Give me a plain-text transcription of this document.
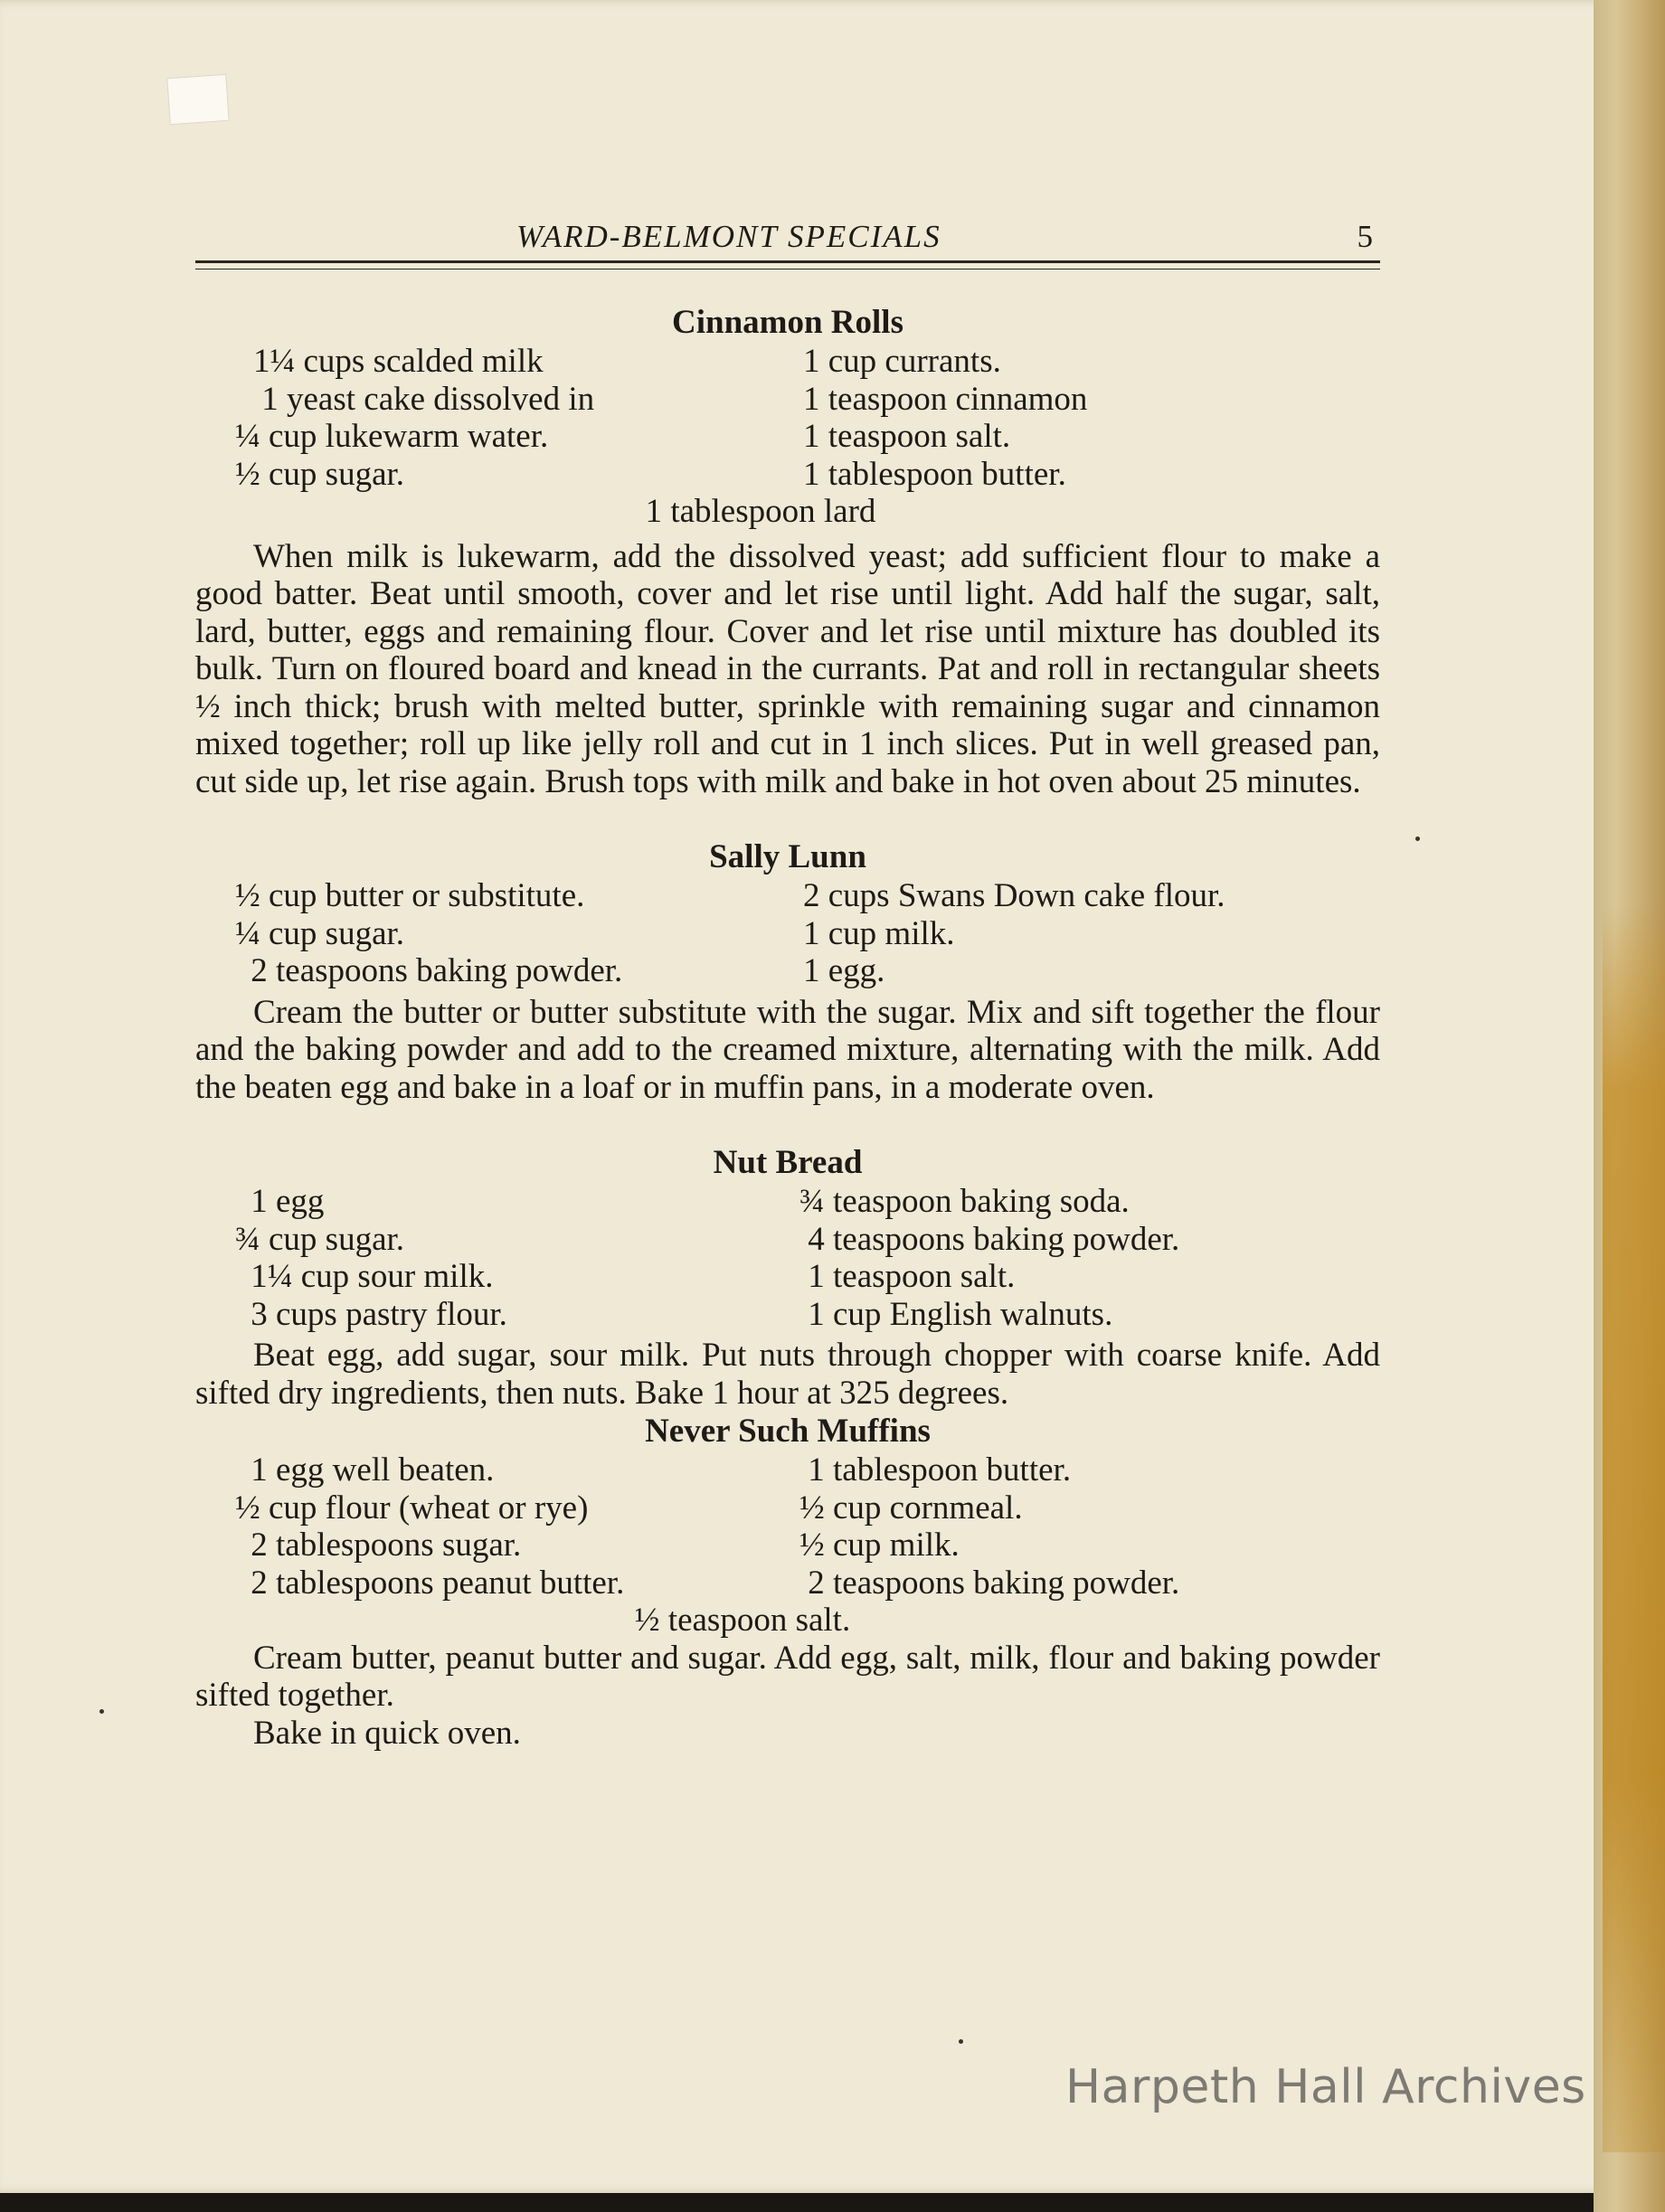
WARD-BELMONT SPECIALS	5
Cinnamon Rolls
1¼ cups scalded milk	1 cup currants.
1 yeast cake dissolved in	1 teaspoon cinnamon
¼ cup lukewarm water.	1 teaspoon salt.
½ cup sugar.	1 tablespoon butter.
1 tablespoon lard

When milk is lukewarm, add the dissolved yeast; add sufficient flour to make a good batter. Beat until smooth, cover and let rise until light. Add half the sugar, salt, lard, butter, eggs and remaining flour. Cover and let rise until mixture has doubled its bulk. Turn on floured board and knead in the currants. Pat and roll in rectangular sheets ½ inch thick; brush with melted butter, sprinkle with remaining sugar and cinnamon mixed together; roll up like jelly roll and cut in 1 inch slices. Put in well greased pan, cut side up, let rise again. Brush tops with milk and bake in hot oven about 25 minutes.

Sally Lunn
½ cup butter or substitute.	2 cups Swans Down cake flour.
¼ cup sugar.	1 cup milk.
2 teaspoons baking powder.	1 egg.

Cream the butter or butter substitute with the sugar. Mix and sift together the flour and the baking powder and add to the creamed mixture, alternating with the milk. Add the beaten egg and bake in a loaf or in muffin pans, in a moderate oven.

Nut Bread
1 egg	¾ teaspoon baking soda.
¾ cup sugar.	4 teaspoons baking powder.
1¼ cup sour milk.	1 teaspoon salt.
3 cups pastry flour.	1 cup English walnuts.

Beat egg, add sugar, sour milk. Put nuts through chopper with coarse knife. Add sifted dry ingredients, then nuts. Bake 1 hour at 325 degrees.

Never Such Muffins
1 egg well beaten.	1 tablespoon butter.
½ cup flour (wheat or rye)	½ cup cornmeal.
2 tablespoons sugar.	½ cup milk.
2 tablespoons peanut butter.	2 teaspoons baking powder.
½ teaspoon salt.

Cream butter, peanut butter and sugar. Add egg, salt, milk, flour and baking powder sifted together.

Bake in quick oven.

Harpeth Hall Archives
